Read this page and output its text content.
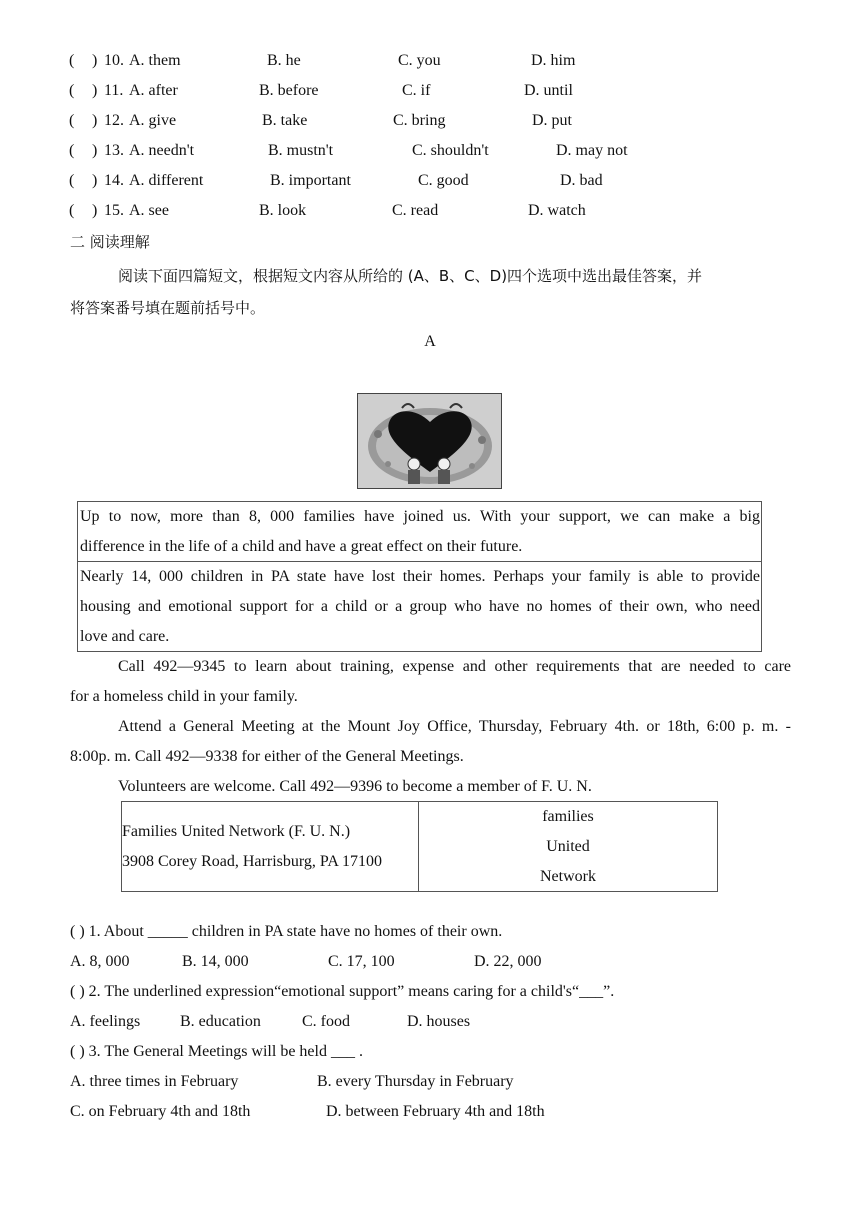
( ) 10. A. them	B. he	C. you	D. him
( ) 11. A. after	B. before	C. if	D. until
( ) 12. A. give	B. take	C. bring	D. put
( ) 13. A. needn't	B. mustn't	C. shouldn't	D. may not
( ) 14. A. different	B. important	C. good	D. bad
( ) 15. A. see	B. look	C. read	D. watch
二 阅读理解
阅读下面四篇短文，根据短文内容从所给的 (A、B、C、D)四个选项中选出最佳答案，并
将答案番号填在题前括号中。
A
Up to now, more than 8, 000 families have joined us. With your support, we can make a big
difference in the life of a child and have a great effect on their future.
Nearly 14, 000 children in PA state have lost their homes. Perhaps your family is able to provide
housing and emotional support for a child or a group who have no homes of their own, who need
love and care.
Call 492—9345 to learn about training, expense and other requirements that are needed to care
for a homeless child in your family.
Attend a General Meeting at the Mount Joy Office, Thursday, February 4th. or 18th, 6:00 p. m. -
8:00p. m. Call 492—9338 for either of the General Meetings.
Volunteers are welcome. Call 492—9396 to become a member of F. U. N.
Families United Network (F. U. N.)
3908 Corey Road, Harrisburg, PA 17100
families
United
Network
( ) 1. About _____ children in PA state have no homes of their own.
A. 8, 000	B. 14, 000	C. 17, 100	D. 22, 000
( ) 2. The underlined expression“emotional support” means caring for a child's“___”.
A. feelings B. education	C. food	D. houses
( ) 3. The General Meetings will be held ___ .
A. three times in February	B. every Thursday in February
C. on February 4th and 18th	D. between February 4th and 18th
